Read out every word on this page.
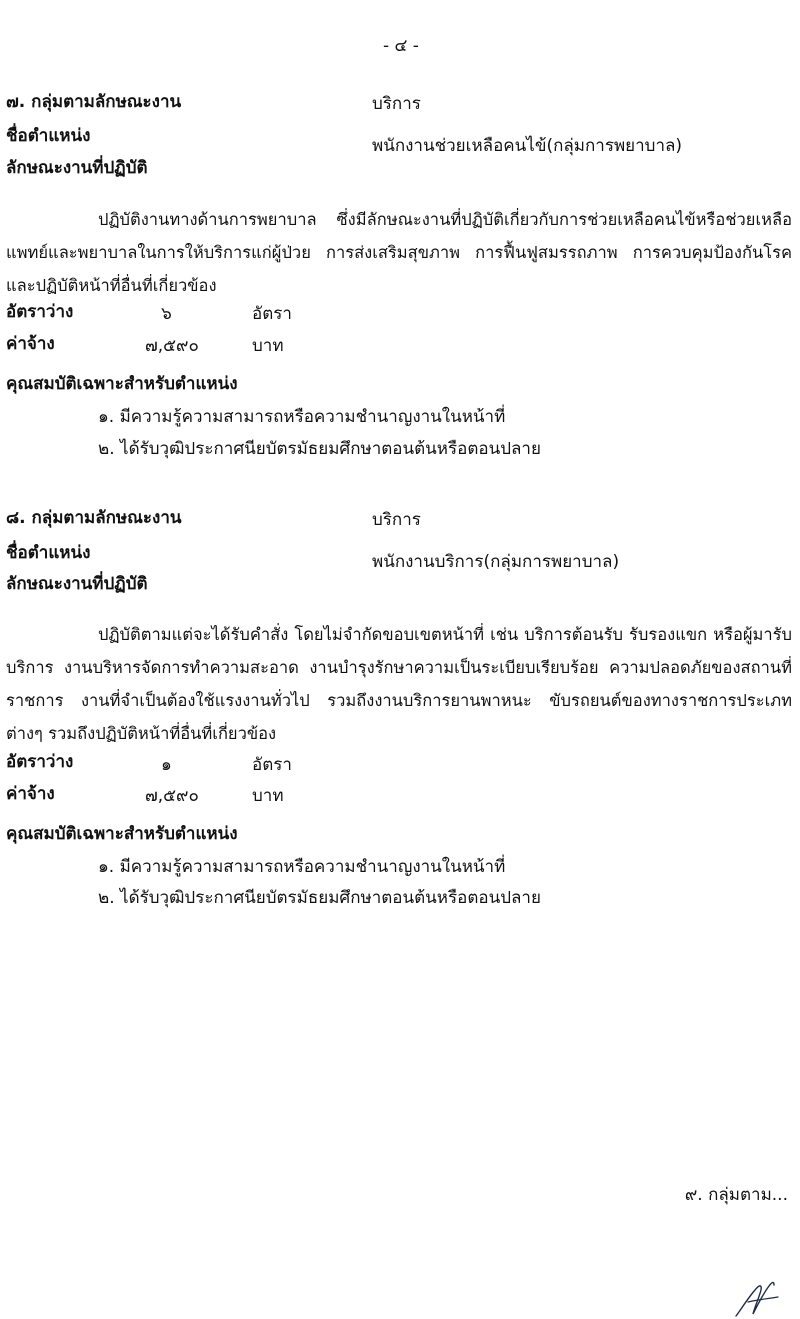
- ๔ -
๗. กลุ่มตามลักษณะงาน	บริการ
ชื่อตำแหน่ง	พนักงานช่วยเหลือคนไข้(กลุ่มการพยาบาล)
ลักษณะงานที่ปฏิบัติ
ปฏิบัติงานทางด้านการพยาบาล ซึ่งมีลักษณะงานที่ปฏิบัติเกี่ยวกับการช่วยเหลือคนไข้หรือช่วยเหลือแพทย์และพยาบาลในการให้บริการแก่ผู้ป่วย การส่งเสริมสุขภาพ การฟื้นฟูสมรรถภาพ การควบคุมป้องกันโรค และปฏิบัติหน้าที่อื่นที่เกี่ยวข้อง
อัตราว่าง	๖	อัตรา
ค่าจ้าง	๗,๕๙๐	บาท
คุณสมบัติเฉพาะสำหรับตำแหน่ง
๑. มีความรู้ความสามารถหรือความชำนาญงานในหน้าที่
๒. ได้รับวุฒิประกาศนียบัตรมัธยมศึกษาตอนต้นหรือตอนปลาย
๘. กลุ่มตามลักษณะงาน	บริการ
ชื่อตำแหน่ง	พนักงานบริการ(กลุ่มการพยาบาล)
ลักษณะงานที่ปฏิบัติ
ปฏิบัติตามแต่จะได้รับคำสั่ง โดยไม่จำกัดขอบเขตหน้าที่ เช่น บริการต้อนรับ รับรองแขก หรือผู้มารับบริการ งานบริหารจัดการทำความสะอาด งานบำรุงรักษาความเป็นระเบียบเรียบร้อย ความปลอดภัยของสถานที่ราชการ งานที่จำเป็นต้องใช้แรงงานทั่วไป รวมถึงงานบริการยานพาหนะ ขับรถยนต์ของทางราชการประเภทต่างๆ รวมถึงปฏิบัติหน้าที่อื่นที่เกี่ยวข้อง
อัตราว่าง	๑	อัตรา
ค่าจ้าง	๗,๕๙๐	บาท
คุณสมบัติเฉพาะสำหรับตำแหน่ง
๑. มีความรู้ความสามารถหรือความชำนาญงานในหน้าที่
๒. ได้รับวุฒิประกาศนียบัตรมัธยมศึกษาตอนต้นหรือตอนปลาย
๙. กลุ่มตาม...
